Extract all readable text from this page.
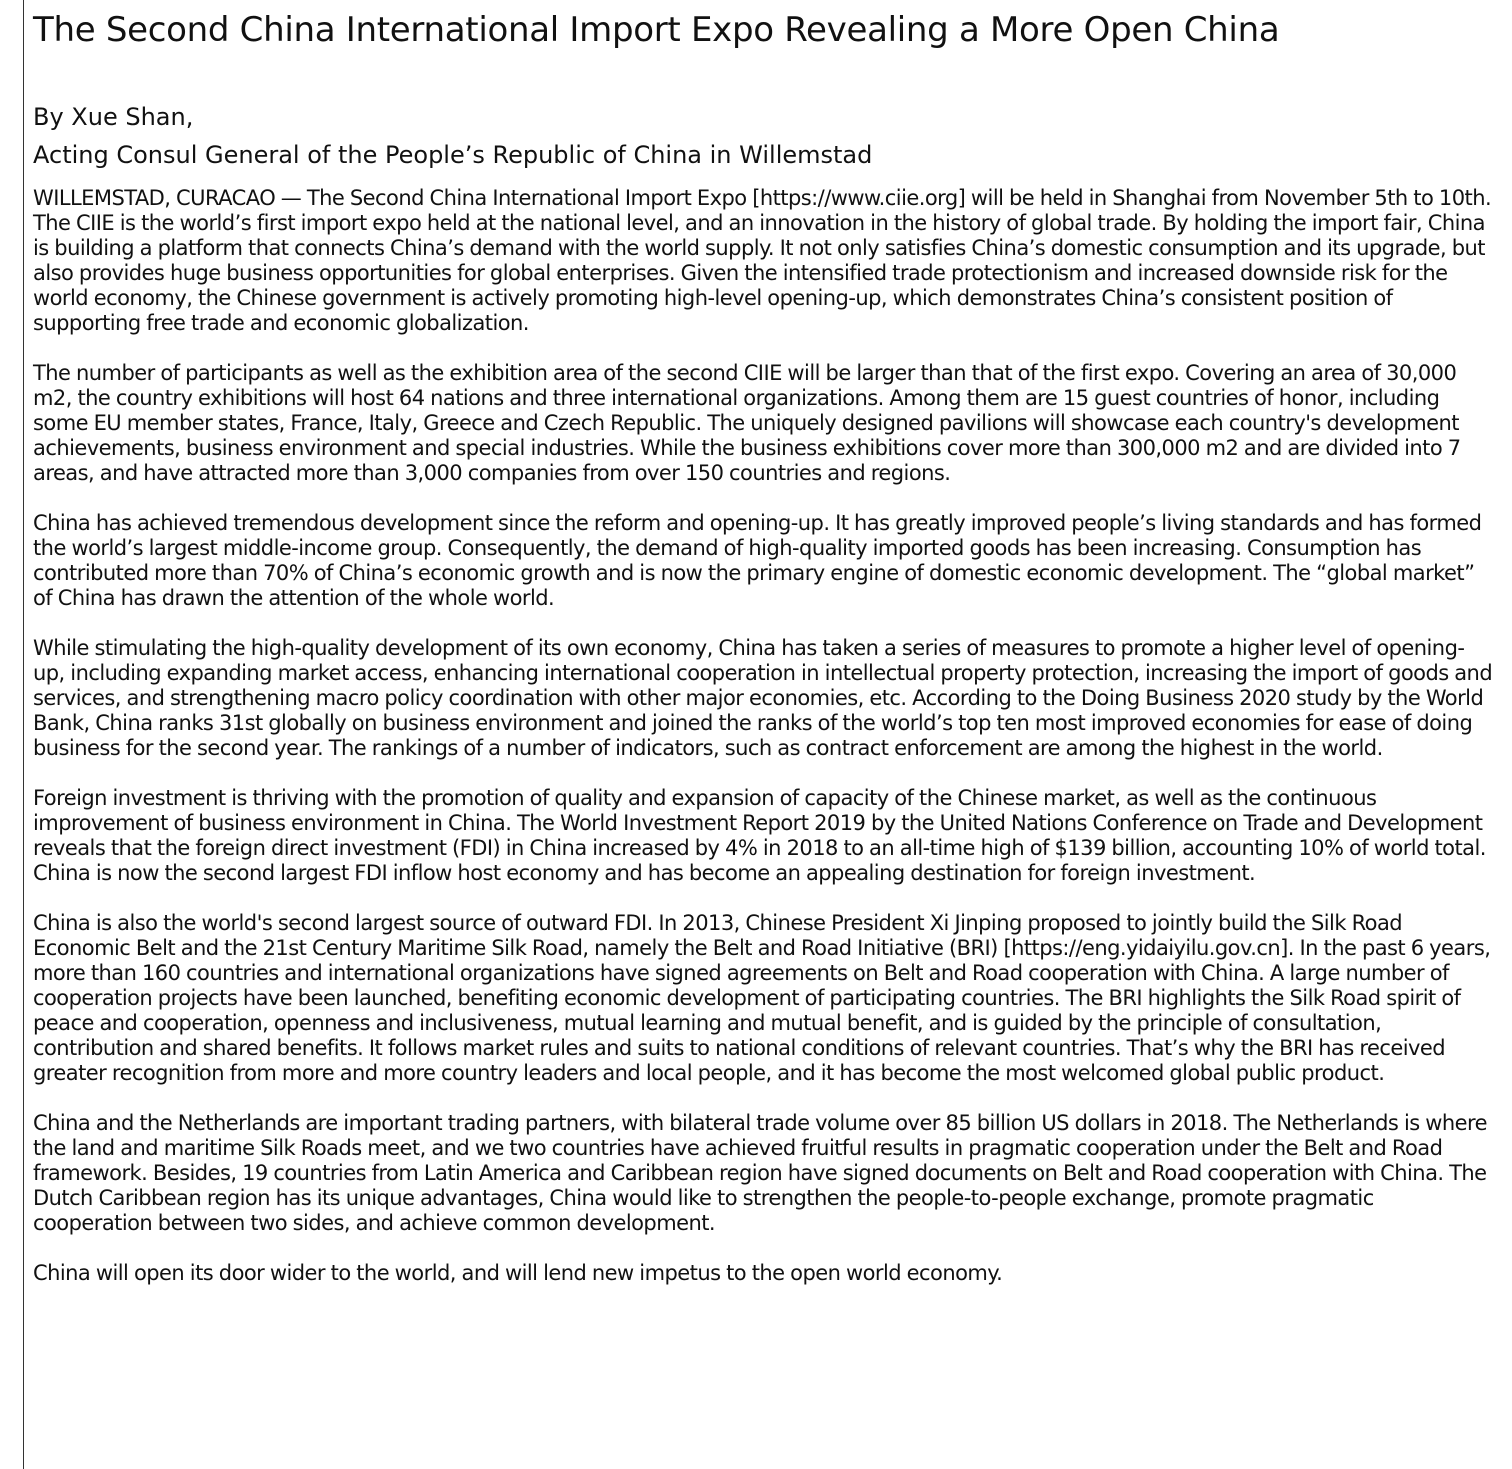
The Second China International Import Expo Revealing a More Open China
By Xue Shan,
Acting Consul General of the People’s Republic of China in Willemstad

WILLEMSTAD, CURACAO — The Second China International Import Expo [https://www.ciie.org] will be held in Shanghai from November 5th to 10th. The CIIE is the world’s first import expo held at the national level, and an innovation in the history of global trade. By holding the import fair, China is building a platform that connects China’s demand with the world supply. It not only satisfies China’s domestic consumption and its upgrade, but also provides huge business opportunities for global enterprises. Given the intensified trade protectionism and increased downside risk for the world economy, the Chinese government is actively promoting high-level opening-up, which demonstrates China’s consistent position of supporting free trade and economic globalization.

The number of participants as well as the exhibition area of the second CIIE will be larger than that of the first expo. Covering an area of 30,000 m2, the country exhibitions will host 64 nations and three international organizations. Among them are 15 guest countries of honor, including some EU member states, France, Italy, Greece and Czech Republic. The uniquely designed pavilions will showcase each country's development achievements, business environment and special industries. While the business exhibitions cover more than 300,000 m2 and are divided into 7 areas, and have attracted more than 3,000 companies from over 150 countries and regions.

China has achieved tremendous development since the reform and opening-up. It has greatly improved people’s living standards and has formed the world’s largest middle-income group. Consequently, the demand of high-quality imported goods has been increasing. Consumption has contributed more than 70% of China’s economic growth and is now the primary engine of domestic economic development. The “global market” of China has drawn the attention of the whole world.

While stimulating the high-quality development of its own economy, China has taken a series of measures to promote a higher level of opening-up, including expanding market access, enhancing international cooperation in intellectual property protection, increasing the import of goods and services, and strengthening macro policy coordination with other major economies, etc. According to the Doing Business 2020 study by the World Bank, China ranks 31st globally on business environment and joined the ranks of the world’s top ten most improved economies for ease of doing business for the second year. The rankings of a number of indicators, such as contract enforcement are among the highest in the world.

Foreign investment is thriving with the promotion of quality and expansion of capacity of the Chinese market, as well as the continuous improvement of business environment in China. The World Investment Report 2019 by the United Nations Conference on Trade and Development reveals that the foreign direct investment (FDI) in China increased by 4% in 2018 to an all-time high of $139 billion, accounting 10% of world total. China is now the second largest FDI inflow host economy and has become an appealing destination for foreign investment.

China is also the world's second largest source of outward FDI. In 2013, Chinese President Xi Jinping proposed to jointly build the Silk Road Economic Belt and the 21st Century Maritime Silk Road, namely the Belt and Road Initiative (BRI) [https://eng.yidaiyilu.gov.cn]. In the past 6 years, more than 160 countries and international organizations have signed agreements on Belt and Road cooperation with China. A large number of cooperation projects have been launched, benefiting economic development of participating countries. The BRI highlights the Silk Road spirit of peace and cooperation, openness and inclusiveness, mutual learning and mutual benefit, and is guided by the principle of consultation, contribution and shared benefits. It follows market rules and suits to national conditions of relevant countries. That’s why the BRI has received greater recognition from more and more country leaders and local people, and it has become the most welcomed global public product.

China and the Netherlands are important trading partners, with bilateral trade volume over 85 billion US dollars in 2018. The Netherlands is where the land and maritime Silk Roads meet, and we two countries have achieved fruitful results in pragmatic cooperation under the Belt and Road framework. Besides, 19 countries from Latin America and Caribbean region have signed documents on Belt and Road cooperation with China. The Dutch Caribbean region has its unique advantages, China would like to strengthen the people-to-people exchange, promote pragmatic cooperation between two sides, and achieve common development.

China will open its door wider to the world, and will lend new impetus to the open world economy.
